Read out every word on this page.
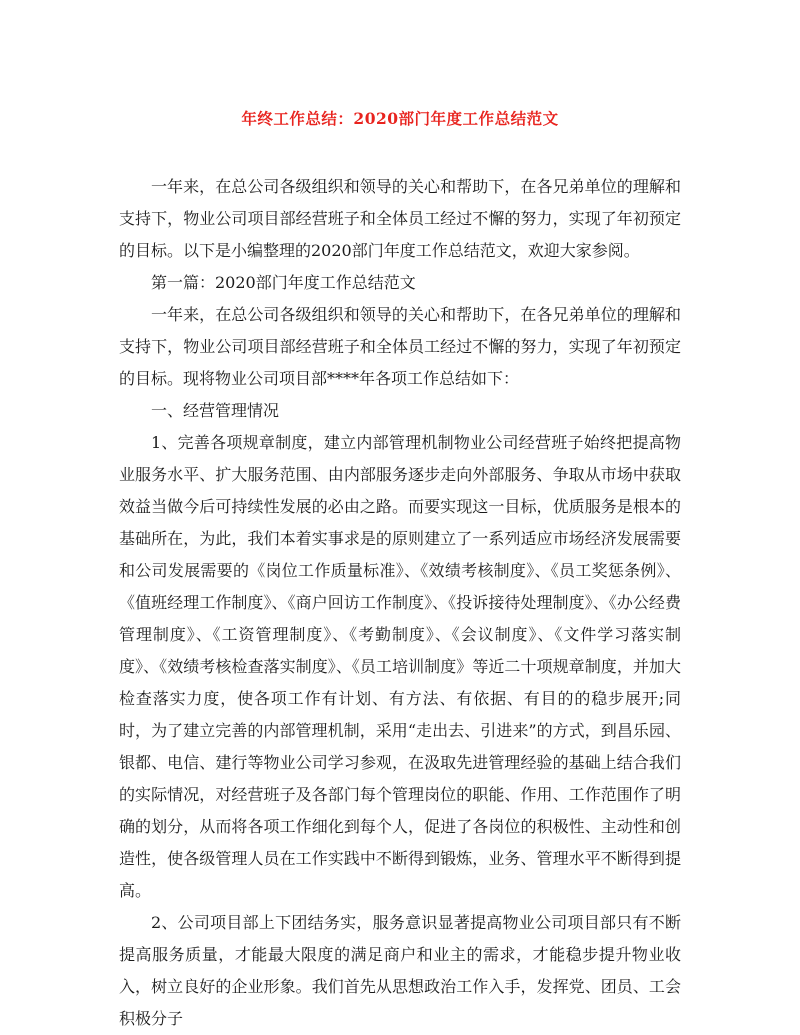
年终工作总结：2020部门年度工作总结范文

一年来，在总公司各级组织和领导的关心和帮助下，在各兄弟单位的理解和支持下，物业公司项目部经营班子和全体员工经过不懈的努力，实现了年初预定的目标。以下是小编整理的2020部门年度工作总结范文，欢迎大家参阅。

第一篇：2020部门年度工作总结范文

一年来，在总公司各级组织和领导的关心和帮助下，在各兄弟单位的理解和支持下，物业公司项目部经营班子和全体员工经过不懈的努力，实现了年初预定的目标。现将物业公司项目部****年各项工作总结如下：

一、经营管理情况

1、完善各项规章制度，建立内部管理机制物业公司经营班子始终把提高物业服务水平、扩大服务范围、由内部服务逐步走向外部服务、争取从市场中获取效益当做今后可持续性发展的必由之路。而要实现这一目标，优质服务是根本的基础所在，为此，我们本着实事求是的原则建立了一系列适应市场经济发展需要和公司发展需要的《岗位工作质量标准》、《效绩考核制度》、《员工奖惩条例》、《值班经理工作制度》、《商户回访工作制度》、《投诉接待处理制度》、《办公经费管理制度》、《工资管理制度》、《考勤制度》、《会议制度》、《文件学习落实制度》、《效绩考核检查落实制度》、《员工培训制度》等近二十项规章制度，并加大检查落实力度，使各项工作有计划、有方法、有依据、有目的的稳步展开;同时，为了建立完善的内部管理机制，采用“走出去、引进来”的方式，到昌乐园、银都、电信、建行等物业公司学习参观，在汲取先进管理经验的基础上结合我们的实际情况，对经营班子及各部门每个管理岗位的职能、作用、工作范围作了明确的划分，从而将各项工作细化到每个人，促进了各岗位的积极性、主动性和创造性，使各级管理人员在工作实践中不断得到锻炼，业务、管理水平不断得到提高。

2、公司项目部上下团结务实，服务意识显著提高物业公司项目部只有不断提高服务质量，才能最大限度的满足商户和业主的需求，才能稳步提升物业收入，树立良好的企业形象。我们首先从思想政治工作入手，发挥党、团员、工会积极分子
